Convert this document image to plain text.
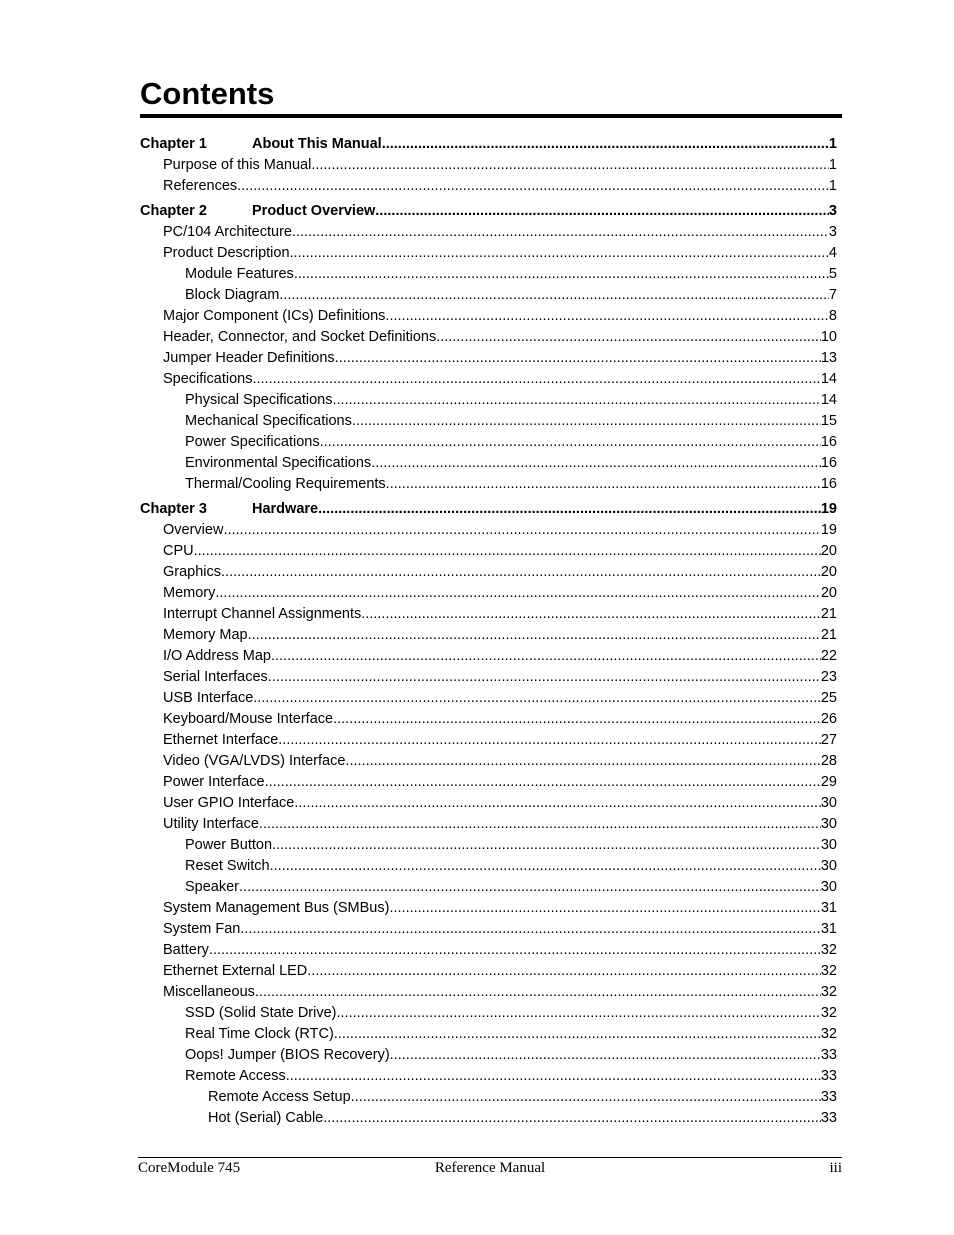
Contents
Chapter 1	About This Manual .....	1
Purpose of this Manual .....	1
References .....	1
Chapter 2	Product Overview .....	3
PC/104 Architecture .....	3
Product Description .....	4
Module Features .....	5
Block Diagram .....	7
Major Component (ICs) Definitions .....	8
Header, Connector, and Socket Definitions .....	10
Jumper Header Definitions .....	13
Specifications .....	14
Physical Specifications .....	14
Mechanical Specifications .....	15
Power Specifications .....	16
Environmental Specifications .....	16
Thermal/Cooling Requirements .....	16
Chapter 3	Hardware .....	19
Overview .....	19
CPU .....	20
Graphics .....	20
Memory .....	20
Interrupt Channel Assignments .....	21
Memory Map .....	21
I/O Address Map .....	22
Serial Interfaces .....	23
USB Interface .....	25
Keyboard/Mouse Interface .....	26
Ethernet Interface .....	27
Video (VGA/LVDS) Interface .....	28
Power Interface .....	29
User GPIO Interface .....	30
Utility Interface .....	30
Power Button .....	30
Reset Switch .....	30
Speaker .....	30
System Management Bus (SMBus) .....	31
System Fan .....	31
Battery .....	32
Ethernet External LED .....	32
Miscellaneous .....	32
SSD (Solid State Drive) .....	32
Real Time Clock (RTC) .....	32
Oops! Jumper (BIOS Recovery) .....	33
Remote Access .....	33
Remote Access Setup .....	33
Hot (Serial) Cable .....	33
CoreModule 745	Reference Manual	iii
